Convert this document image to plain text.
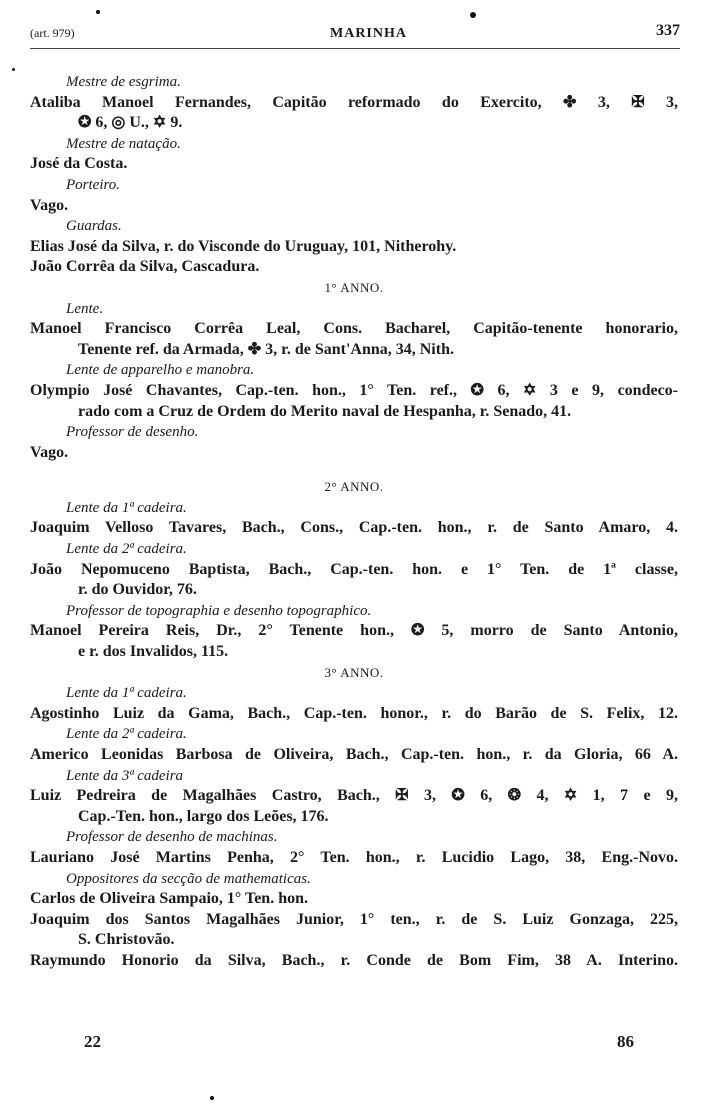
(art. 979)	MARINHA	337
Mestre de esgrima.
Ataliba Manoel Fernandes, Capitão reformado do Exercito, ✤ 3, ✠ 3,
✪ 6, ◎ U., ✡ 9.
Mestre de natação.
José da Costa.
Porteiro.
Vago.
Guardas.
Elias José da Silva, r. do Visconde do Uruguay, 101, Nitherohy.
João Corrêa da Silva, Cascadura.
1° ANNO.
Lente.
Manoel Francisco Corrêa Leal, Cons. Bacharel, Capitão-tenente honorario,
Tenente ref. da Armada, ✤ 3, r. de Sant'Anna, 34, Nith.
Lente de apparelho e manobra.
Olympio José Chavantes, Cap.-ten. hon., 1° Ten. ref., ✪ 6, ✡ 3 e 9, condeco-
rado com a Cruz de Ordem do Merito naval de Hespanha, r. Senado, 41.
Professor de desenho.
Vago.
2° ANNO.
Lente da 1ª cadeira.
Joaquim Velloso Tavares, Bach., Cons., Cap.-ten. hon., r. de Santo Amaro, 4.
Lente da 2ª cadeira.
João Nepomuceno Baptista, Bach., Cap.-ten. hon. e 1° Ten. de 1ª classe,
r. do Ouvidor, 76.
Professor de topographia e desenho topographico.
Manoel Pereira Reis, Dr., 2° Tenente hon., ✪ 5, morro de Santo Antonio,
e r. dos Invalidos, 115.
3° ANNO.
Lente da 1ª cadeira.
Agostinho Luiz da Gama, Bach., Cap.-ten. honor., r. do Barão de S. Felix, 12.
Lente da 2ª cadeira.
Americo Leonidas Barbosa de Oliveira, Bach., Cap.-ten. hon., r. da Gloria, 66 A.
Lente da 3ª cadeira
Luiz Pedreira de Magalhães Castro, Bach., ✠ 3, ✪ 6, ❂ 4, ✡ 1, 7 e 9,
Cap.-Ten. hon., largo dos Leões, 176.
Professor de desenho de machinas.
Lauriano José Martins Penha, 2° Ten. hon., r. Lucidio Lago, 38, Eng.-Novo.
Oppositores da secção de mathematicas.
Carlos de Oliveira Sampaio, 1° Ten. hon.
Joaquim dos Santos Magalhães Junior, 1° ten., r. de S. Luiz Gonzaga, 225,
S. Christovão.
Raymundo Honorio da Silva, Bach., r. Conde de Bom Fim, 38 A. Interino.
22	86
